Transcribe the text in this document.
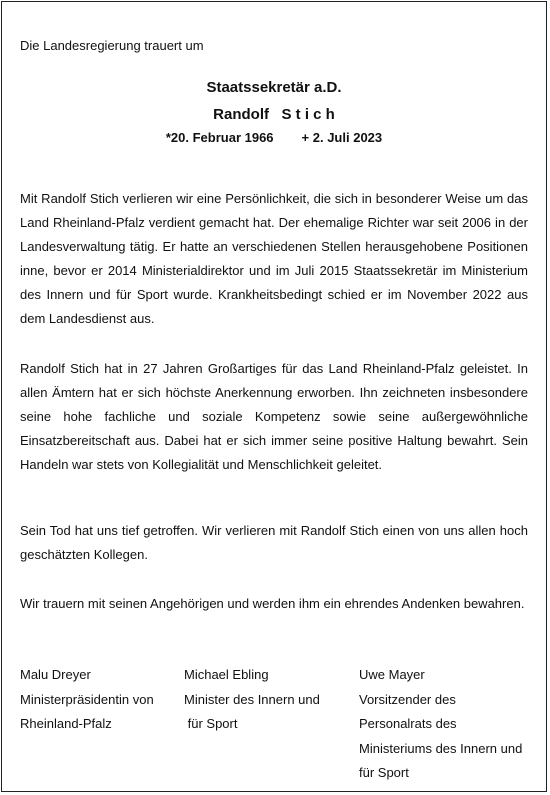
Die Landesregierung trauert um
Staatssekretär a.D.
Randolf   S t i c h
*20. Februar 1966 + 2. Juli 2023

Mit Randolf Stich verlieren wir eine Persönlichkeit, die sich in besonderer Weise um das Land Rheinland-Pfalz verdient gemacht hat. Der ehemalige Richter war seit 2006 in der Landesverwaltung tätig. Er hatte an verschiedenen Stellen herausgehobene Positionen inne, bevor er 2014 Ministerialdirektor und im Juli 2015 Staatssekretär im Ministerium des Innern und für Sport wurde. Krankheitsbedingt schied er im November 2022 aus dem Landesdienst aus.

Randolf Stich hat in 27 Jahren Großartiges für das Land Rheinland-Pfalz geleistet. In allen Ämtern hat er sich höchste Anerkennung erworben. Ihn zeichneten insbesondere seine hohe fachliche und soziale Kompetenz sowie seine außergewöhnliche Einsatzbereitschaft aus. Dabei hat er sich immer seine positive Haltung bewahrt. Sein Handeln war stets von Kollegialität und Menschlichkeit geleitet.

Sein Tod hat uns tief getroffen. Wir verlieren mit Randolf Stich einen von uns allen hoch geschätzten Kollegen.

Wir trauern mit seinen Angehörigen und werden ihm ein ehrendes Andenken bewahren.

Malu Dreyer
Ministerpräsidentin von
Rheinland-Pfalz
Michael Ebling
Minister des Innern und
für Sport
Uwe Mayer
Vorsitzender des
Personalrats des
Ministeriums des Innern und
für Sport
